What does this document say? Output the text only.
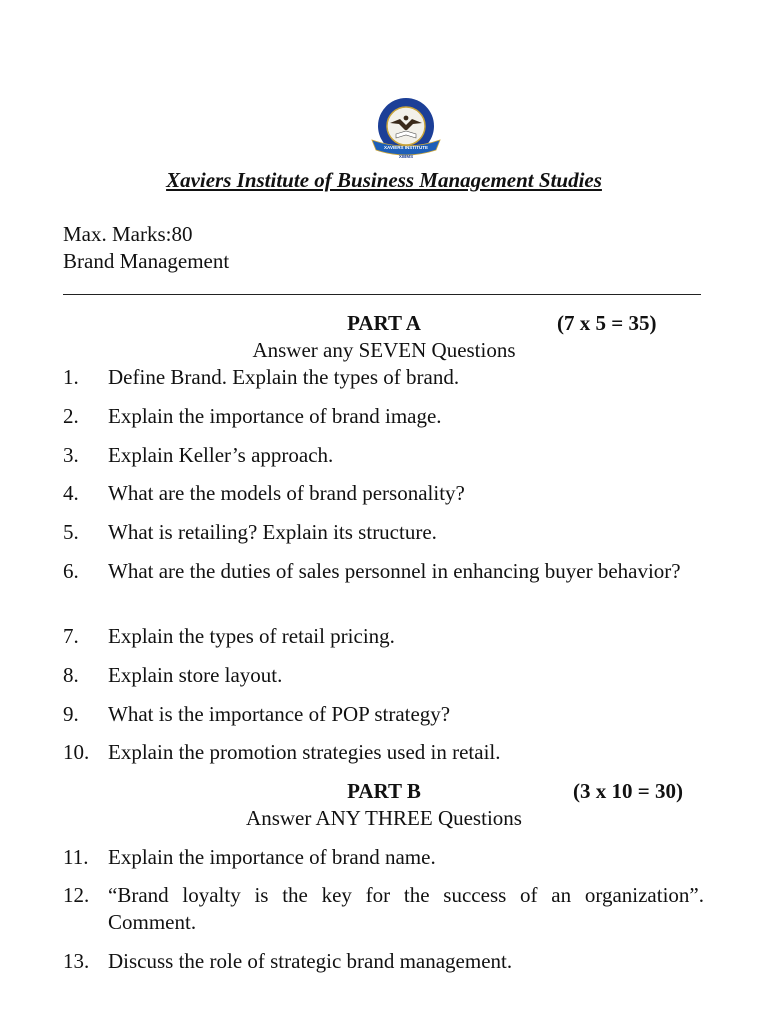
XAVIERS INSTITUTE
XIBMS
Xaviers Institute of Business Management Studies
Max. Marks:80
Brand Management
PART A	(7 x 5 = 35)
Answer any SEVEN Questions
1. Define Brand. Explain the types of brand.
2. Explain the importance of brand image.
3. Explain Keller’s approach.
4. What are the models of brand personality?
5. What is retailing? Explain its structure.
6. What are the duties of sales personnel in enhancing buyer behavior?
7. Explain the types of retail pricing.
8. Explain store layout.
9. What is the importance of POP strategy?
10. Explain the promotion strategies used in retail.
PART B	(3 x 10 = 30)
Answer ANY THREE Questions
11. Explain the importance of brand name.
12. “Brand loyalty is the key for the success of an organization”. Comment.
13. Discuss the role of strategic brand management.
